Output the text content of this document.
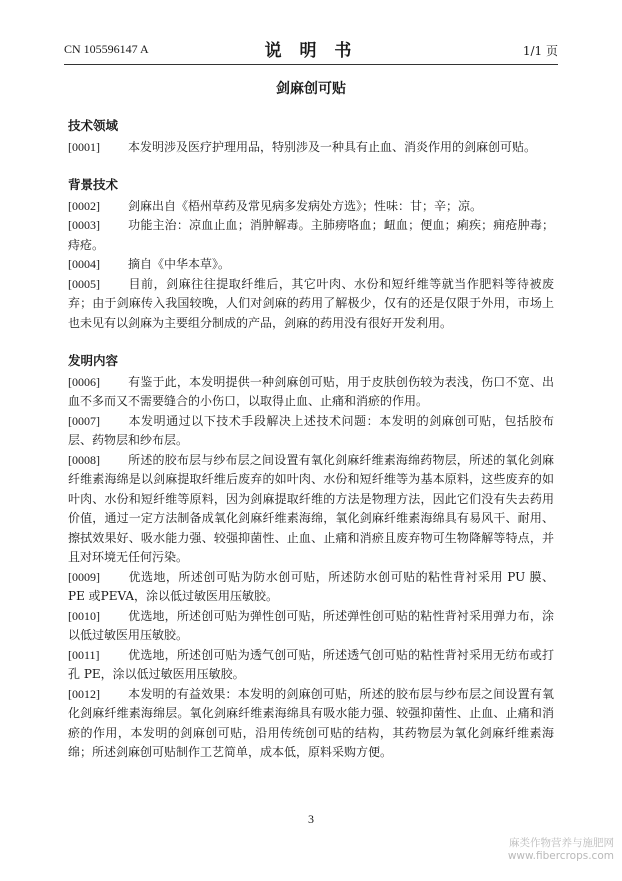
CN 105596147 A	说 明 书	1/1 页
剑麻创可贴
技术领域

[0001] 本发明涉及医疗护理用品，特别涉及一种具有止血、消炎作用的剑麻创可贴。

背景技术

[0002] 剑麻出自《梧州草药及常见病多发病处方选》；性味：甘；辛；凉。

[0003] 功能主治：凉血止血；消肿解毒。主肺痨咯血；衄血；便血；痢疾；痈疮肿毒；痔疮。

[0004] 摘自《中华本草》。

[0005] 目前，剑麻往往提取纤维后，其它叶肉、水份和短纤维等就当作肥料等待被废弃；由于剑麻传入我国较晚，人们对剑麻的药用了解极少，仅有的还是仅限于外用，市场上也未见有以剑麻为主要组分制成的产品，剑麻的药用没有很好开发利用。

发明内容

[0006] 有鉴于此，本发明提供一种剑麻创可贴，用于皮肤创伤较为表浅，伤口不宽、出血不多而又不需要缝合的小伤口，以取得止血、止痛和消瘀的作用。

[0007] 本发明通过以下技术手段解决上述技术问题：本发明的剑麻创可贴，包括胶布层、药物层和纱布层。

[0008] 所述的胶布层与纱布层之间设置有氧化剑麻纤维素海绵药物层，所述的氧化剑麻纤维素海绵是以剑麻提取纤维后废弃的如叶肉、水份和短纤维等为基本原料，这些废弃的如叶肉、水份和短纤维等原料，因为剑麻提取纤维的方法是物理方法，因此它们没有失去药用价值，通过一定方法制备成氧化剑麻纤维素海绵，氧化剑麻纤维素海绵具有易风干、耐用、擦拭效果好、吸水能力强、较强抑菌性、止血、止痛和消瘀且废弃物可生物降解等特点，并且对环境无任何污染。

[0009] 优选地，所述创可贴为防水创可贴，所述防水创可贴的粘性背衬采用 PU 膜、PE 或PEVA，涂以低过敏医用压敏胶。

[0010] 优选地，所述创可贴为弹性创可贴，所述弹性创可贴的粘性背衬采用弹力布，涂以低过敏医用压敏胶。

[0011] 优选地，所述创可贴为透气创可贴，所述透气创可贴的粘性背衬采用无纺布或打孔 PE，涂以低过敏医用压敏胶。

[0012] 本发明的有益效果：本发明的剑麻创可贴，所述的胶布层与纱布层之间设置有氧化剑麻纤维素海绵层。氧化剑麻纤维素海绵具有吸水能力强、较强抑菌性、止血、止痛和消瘀的作用，本发明的剑麻创可贴，沿用传统创可贴的结构，其药物层为氧化剑麻纤维素海绵；所述剑麻创可贴制作工艺简单，成本低，原料采购方便。

3
麻类作物营养与施肥网
www.fibercrops.com
